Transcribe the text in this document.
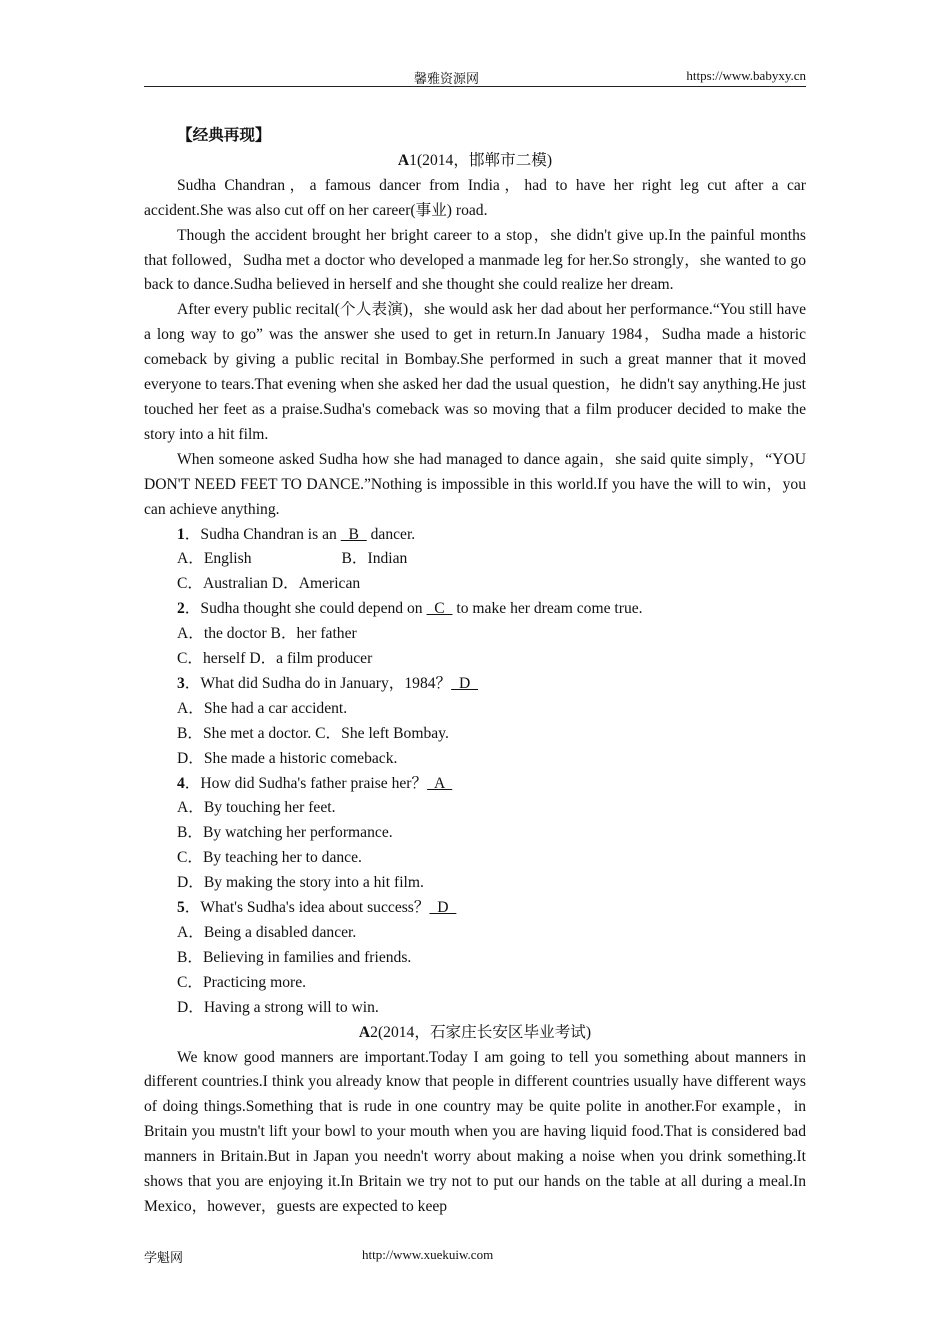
馨雅资源网	https://www.babyxy.cn

【经典再现】

A1(2014，邯郸市二模)

Sudha Chandran，a famous dancer from India，had to have her right leg cut after a car accident.She was also cut off on her career(事业) road.

Though the accident brought her bright career to a stop，she didn't give up.In the painful months that followed，Sudha met a doctor who developed a manmade leg for her.So strongly，she wanted to go back to dance.Sudha believed in herself and she thought she could realize her dream.

After every public recital(个人表演)，she would ask her dad about her performance.“You still have a long way to go” was the answer she used to get in return.In January 1984，Sudha made a historic comeback by giving a public recital in Bombay.She performed in such a great manner that it moved everyone to tears.That evening when she asked her dad the usual question，he didn't say anything.He just touched her feet as a praise.Sudha's comeback was so moving that a film producer decided to make the story into a hit film.

When someone asked Sudha how she had managed to dance again，she said quite simply，“YOU DON'T NEED FEET TO DANCE.”Nothing is impossible in this world.If you have the will to win，you can achieve anything.

1．Sudha Chandran is an   B   dancer.

A．English	B．Indian

C．Australian D．American

2．Sudha thought she could depend on   C   to make her dream come true.

A．the doctor B．her father

C．herself D．a film producer

3．What did Sudha do in January，1984？  D

A．She had a car accident.

B．She met a doctor. C．She left Bombay.

D．She made a historic comeback.

4．How did Sudha's father praise her？  A

A．By touching her feet.

B．By watching her performance.

C．By teaching her to dance.

D．By making the story into a hit film.

5．What's Sudha's idea about success？  D

A．Being a disabled dancer.

B．Believing in families and friends.

C．Practicing more.

D．Having a strong will to win.

A2(2014，石家庄长安区毕业考试)

We know good manners are important.Today I am going to tell you something about manners in different countries.I think you already know that people in different countries usually have different ways of doing things.Something that is rude in one country may be quite polite in another.For example，in Britain you mustn't lift your bowl to your mouth when you are having liquid food.That is considered bad manners in Britain.But in Japan you needn't worry about making a noise when you drink something.It shows that you are enjoying it.In Britain we try not to put our hands on the table at all during a meal.In Mexico，however，guests are expected to keep

学魁网	http://www.xuekuiw.com
